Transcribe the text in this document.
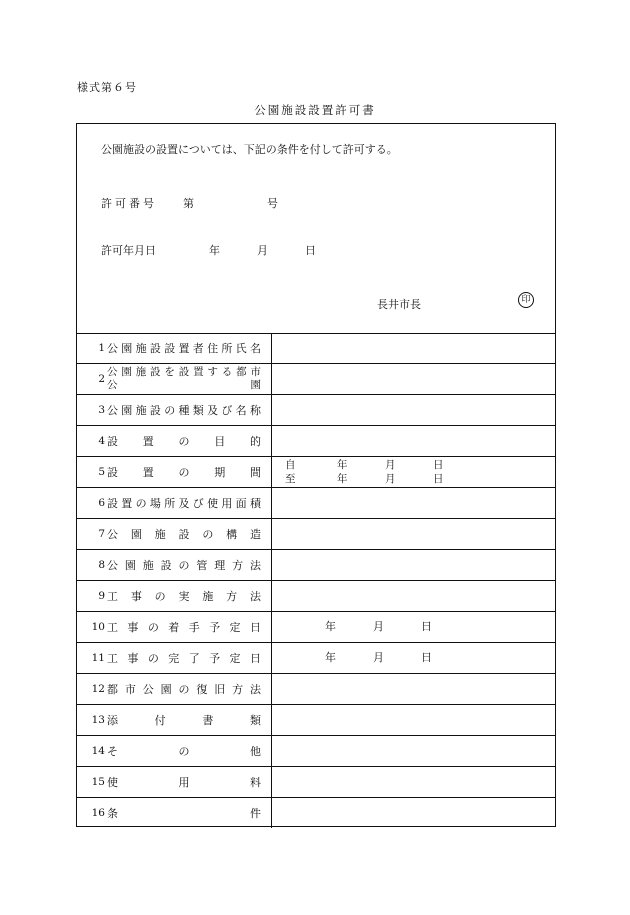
様式第６号
公園施設設置許可書
公園施設の設置については、下記の条件を付して許可する。
許可番号 第	号
許可年月日	年	月	日
長井市長	印
1 公 園 施 設 設 置 者 住 所 氏 名
2
公 園 施 設 を 設 置 す る 都 市
公	園
3 公 園 施 設 の 種 類 及 び 名 称
4 設 置 の 目 的
5 設 置 の 期 間
自	年	月	日
至	年	月	日
6 設 置 の 場 所 及 び 使 用 面 積
7 公 園 施 設 の 構 造
8 公 園 施 設 の 管 理 方 法
9 工 事 の 実 施 方 法
10 工 事 の 着 手 予 定 日	年	月	日
11 工 事 の 完 了 予 定 日	年	月	日
12 都 市 公 園 の 復 旧 方 法
13 添	付	書	類
14 そ	の	他
15 使	用	料
16 条	件
